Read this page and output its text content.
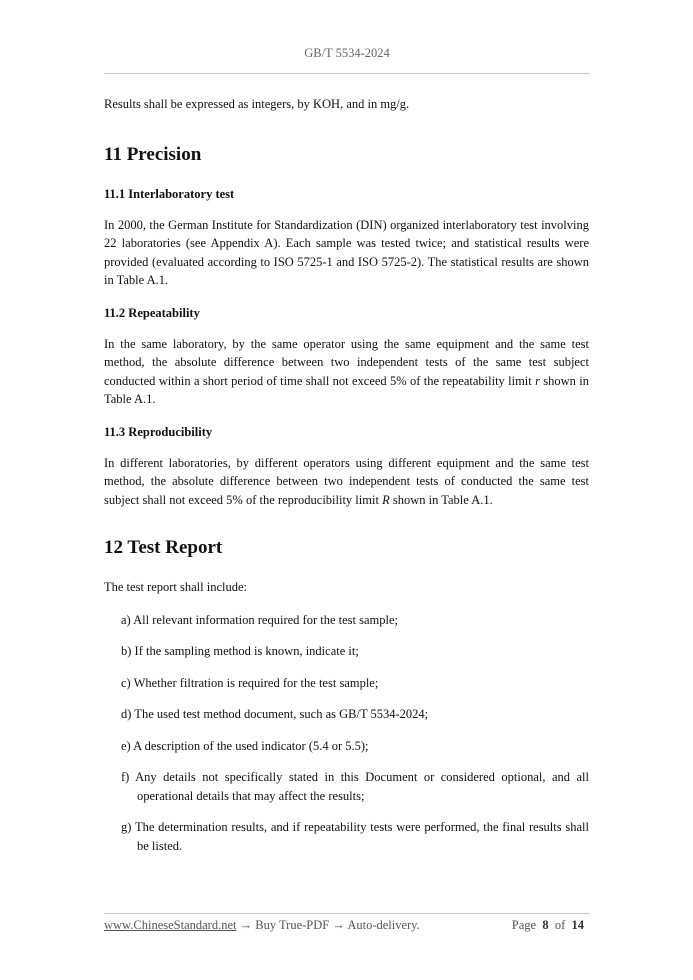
GB/T 5534-2024

Results shall be expressed as integers, by KOH, and in mg/g.

11 Precision
11.1 Interlaboratory test

In 2000, the German Institute for Standardization (DIN) organized interlaboratory test involving 22 laboratories (see Appendix A). Each sample was tested twice; and statistical results were provided (evaluated according to ISO 5725-1 and ISO 5725-2). The statistical results are shown in Table A.1.

11.2 Repeatability

In the same laboratory, by the same operator using the same equipment and the same test method, the absolute difference between two independent tests of the same test subject conducted within a short period of time shall not exceed 5% of the repeatability limit r shown in Table A.1.

11.3 Reproducibility

In different laboratories, by different operators using different equipment and the same test method, the absolute difference between two independent tests of conducted the same test subject shall not exceed 5% of the reproducibility limit R shown in Table A.1.

12 Test Report

The test report shall include:

a) All relevant information required for the test sample;

b) If the sampling method is known, indicate it;

c) Whether filtration is required for the test sample;

d) The used test method document, such as GB/T 5534-2024;

e) A description of the used indicator (5.4 or 5.5);

f) Any details not specifically stated in this Document or considered optional, and all operational details that may affect the results;

g) The determination results, and if repeatability tests were performed, the final results shall be listed.

www.ChineseStandard.net → Buy True-PDF → Auto-delivery.	Page 8 of 14
